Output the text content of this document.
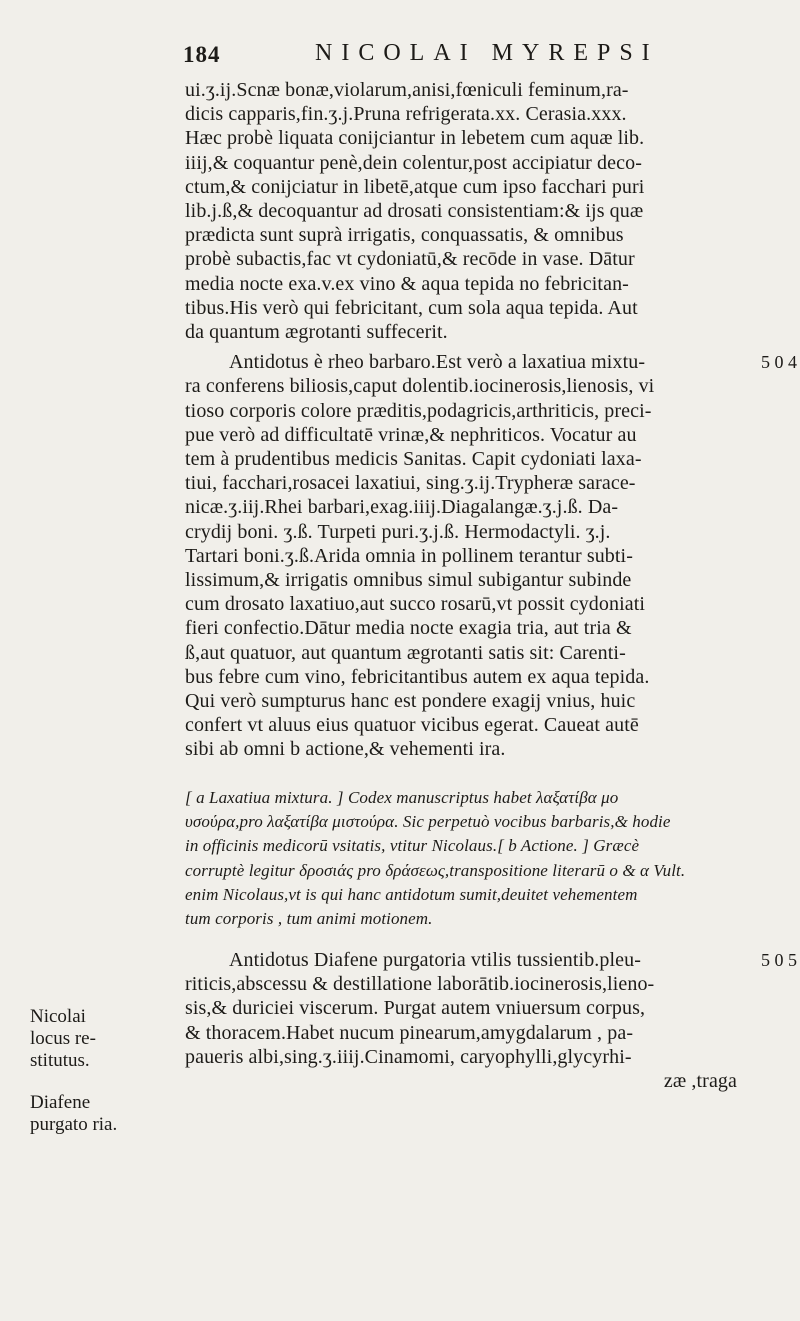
184	NICOLAI MYREPSI
ui.ʒ.ij.Scnæ bonæ,violarum,anisi,fœniculi feminum,ra-
dicis capparis,fin.ʒ.j.Pruna refrigerata.xx. Cerasia.xxx.
Hæc probè liquata conijciantur in lebetem cum aquæ lib.
iiij,& coquantur penè,dein colentur,post accipiatur deco-
ctum,& conijciatur in libetē,atque cum ipso facchari puri
lib.j.ß,& decoquantur ad drosati consistentiam:& ijs quæ
prædicta sunt suprà irrigatis, conquassatis, & omnibus
probè subactis,fac vt cydoniatū,& recōde in vase. Dātur
media nocte exa.v.ex vino & aqua tepida no febricitan-
tibus.His verò qui febricitant, cum sola aqua tepida. Aut
da quantum ægrotanti suffecerit.
5 0 4
Antidotus è rheo barbaro.Est verò a laxatiua mixtu-
ra conferens biliosis,caput dolentib.iocinerosis,lienosis, vi
tioso corporis colore præditis,podagricis,arthriticis, preci-
pue verò ad difficultatē vrinæ,& nephriticos. Vocatur au
tem à prudentibus medicis Sanitas. Capit cydoniati laxa-
tiui, facchari,rosacei laxatiui, sing.ʒ.ij.Trypheræ sarace-
nicæ.ʒ.iij.Rhei barbari,exag.iiij.Diagalangæ.ʒ.j.ß. Da-
crydij boni. ʒ.ß. Turpeti puri.ʒ.j.ß. Hermodactyli. ʒ.j.
Tartari boni.ʒ.ß.Arida omnia in pollinem terantur subti-
lissimum,& irrigatis omnibus simul subigantur subinde
cum drosato laxatiuo,aut succo rosarū,vt possit cydoniati
fieri confectio.Dātur media nocte exagia tria, aut tria &
ß,aut quatuor, aut quantum ægrotanti satis sit: Carenti-
bus febre cum vino, febricitantibus autem ex aqua tepida.
Qui verò sumpturus hanc est pondere exagij vnius, huic
confert vt aluus eius quatuor vicibus egerat. Caueat autē
sibi ab omni b actione,& vehementi ira.
[ a Laxatiua mixtura. ] Codex manuscriptus habet λαξατίβα μο
υσούρα,pro λαξατίβα μιστούρα. Sic perpetuò vocibus barbaris,& hodie
in officinis medicorū vsitatis, vtitur Nicolaus.[ b Actione. ] Græcè
corruptè legitur δροσιάς pro δράσεως,transpositione literarū ο & α Vult.
enim Nicolaus,vt is qui hanc antidotum sumit,deuitet vehementem
tum corporis , tum animi motionem.
Nicolai locus re-stitutus.
5 0 5
Antidotus Diafene purgatoria vtilis tussientib.pleu-
riticis,abscessu & destillatione laborātib.iocinerosis,lieno-
sis,& duriciei viscerum. Purgat autem vniuersum corpus,
& thoracem.Habet nucum pinearum,amygdalarum , pa-
paueris albi,sing.ʒ.iiij.Cinamomi, caryophylli,glycyrhi-
zæ ,traga
Diafene purgato ria.
